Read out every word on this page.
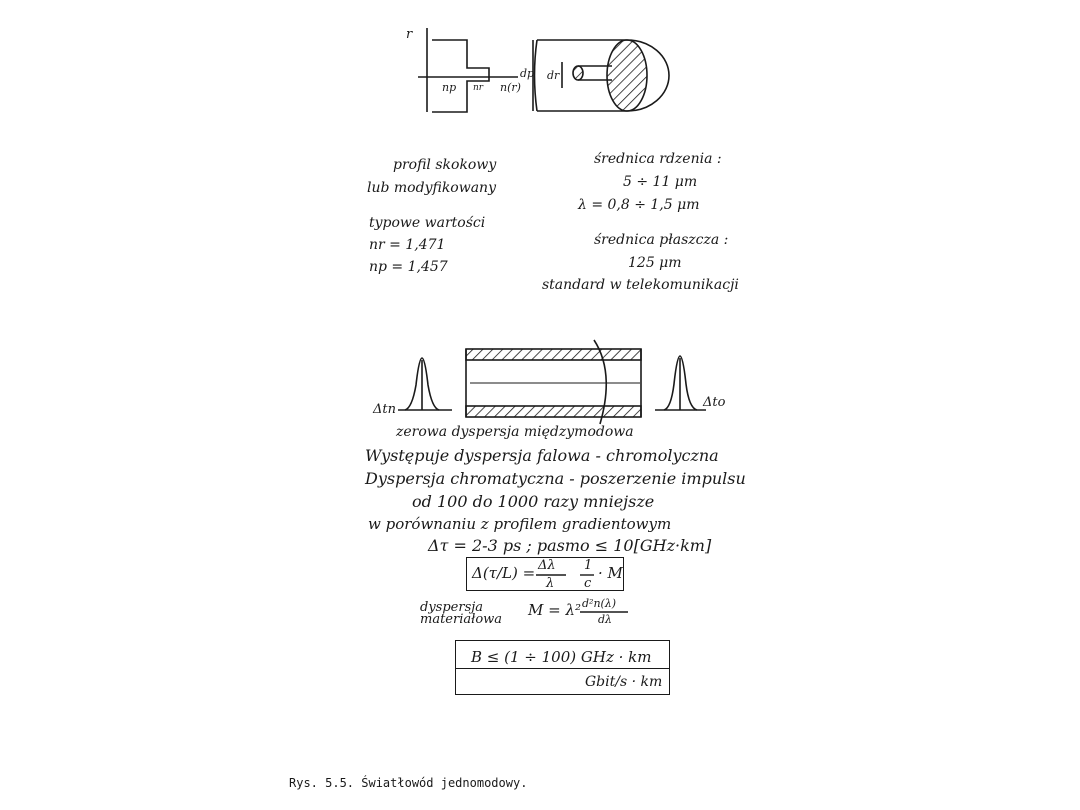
r
np nr n(r)
dp dr
profil skokowy
lub modyfikowany
typowe wartości
nr = 1,471
np = 1,457
średnica rdzenia :
5 ÷ 11 μm
λ = 0,8 ÷ 1,5 μm
średnica płaszcza :
125 μm
standard w telekomunikacji
Δtn	Δto
zerowa dyspersja międzymodowa
Występuje dyspersja falowa - chromolyczna
Dyspersja chromatyczna - poszerzenie impulsu
od 100 do 1000 razy mniejsze
w porównaniu z profilem gradientowym
Δτ = 2-3 ps ; pasmo ≤ 10[GHz·km]
Δ(τ/L) = Δλ
λ
1
c
· M
dyspersja
materiałowa
M = λ² d²n(λ)
dλ
B ≤ (1 ÷ 100) GHz · km
Gbit/s · km
Rys. 5.5. Światłowód jednomodowy.
